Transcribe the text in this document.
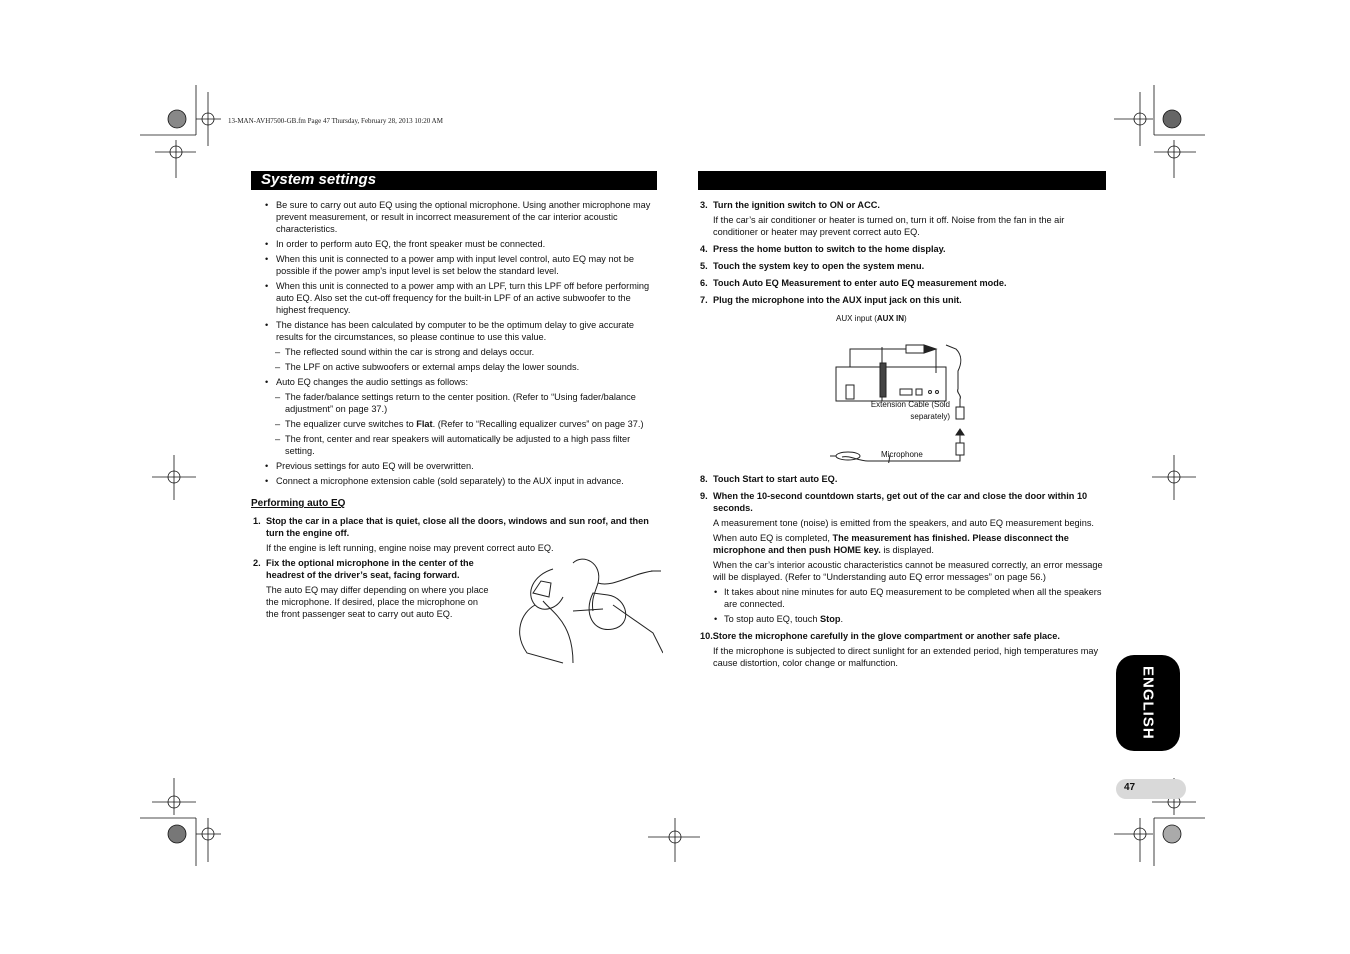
13-MAN-AVH7500-GB.fm Page 47 Thursday, February 28, 2013 10:20 AM
System settings
• Be sure to carry out auto EQ using the optional microphone. Using another microphone may prevent measurement, or result in incorrect measurement of the car interior acoustic characteristics.
• In order to perform auto EQ, the front speaker must be connected.
• When this unit is connected to a power amp with input level control, auto EQ may not be possible if the power amp’s input level is set below the standard level.
• When this unit is connected to a power amp with an LPF, turn this LPF off before performing auto EQ. Also set the cut-off frequency for the built-in LPF of an active subwoofer to the highest frequency.
• The distance has been calculated by computer to be the optimum delay to give accurate results for the circumstances, so please continue to use this value.
– The reflected sound within the car is strong and delays occur.
– The LPF on active subwoofers or external amps delay the lower sounds.
• Auto EQ changes the audio settings as follows:
– The fader/balance settings return to the center position. (Refer to “Using fader/balance adjustment” on page 37.)
– The equalizer curve switches to Flat. (Refer to “Recalling equalizer curves” on page 37.)
– The front, center and rear speakers will automatically be adjusted to a high pass filter setting.
• Previous settings for auto EQ will be overwritten.
• Connect a microphone extension cable (sold separately) to the AUX input in advance.
Performing auto EQ
1. Stop the car in a place that is quiet, close all the doors, windows and sun roof, and then turn the engine off.
If the engine is left running, engine noise may prevent correct auto EQ.
2. Fix the optional microphone in the center of the headrest of the driver’s seat, facing forward.
The auto EQ may differ depending on where you place the microphone. If desired, place the microphone on the front passenger seat to carry out auto EQ.
3. Turn the ignition switch to ON or ACC.
If the car’s air conditioner or heater is turned on, turn it off. Noise from the fan in the air conditioner or heater may prevent correct auto EQ.
4. Press the home button to switch to the home display.
5. Touch the system key to open the system menu.
6. Touch Auto EQ Measurement to enter auto EQ measurement mode.
7. Plug the microphone into the AUX input jack on this unit.
AUX input (AUX IN)
Extension Cable (Sold separately)
Microphone
8. Touch Start to start auto EQ.
9. When the 10-second countdown starts, get out of the car and close the door within 10 seconds.
A measurement tone (noise) is emitted from the speakers, and auto EQ measurement begins.
When auto EQ is completed, The measurement has finished. Please disconnect the microphone and then push HOME key. is displayed.
When the car’s interior acoustic characteristics cannot be measured correctly, an error message will be displayed. (Refer to “Understanding auto EQ error messages” on page 56.)
• It takes about nine minutes for auto EQ measurement to be completed when all the speakers are connected.
• To stop auto EQ, touch Stop.
10.Store the microphone carefully in the glove compartment or another safe place.
If the microphone is subjected to direct sunlight for an extended period, high temperatures may cause distortion, color change or malfunction.
ENGLISH
47
